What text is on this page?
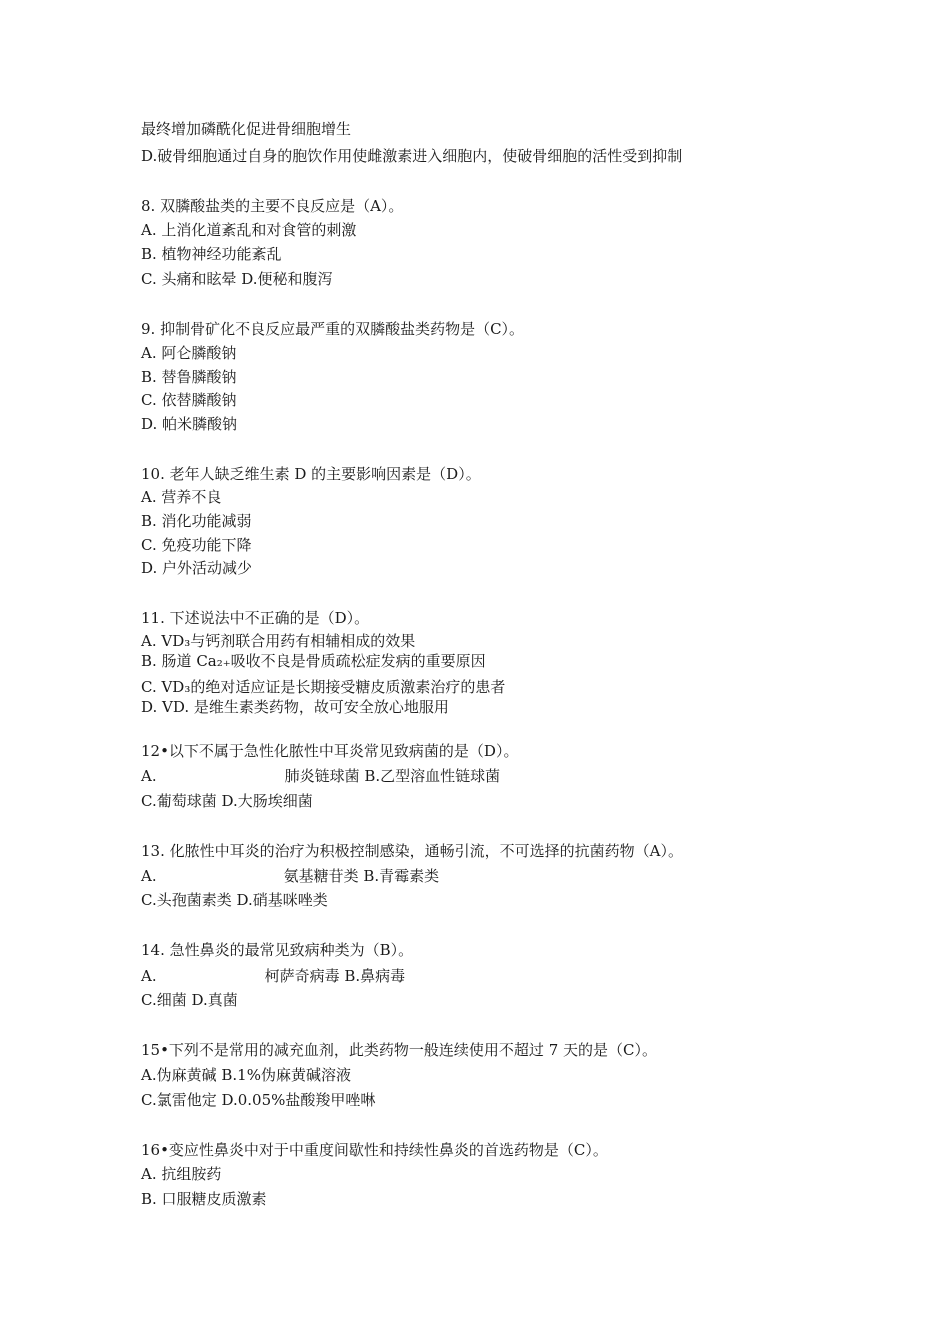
最终增加磷酰化促进骨细胞增生
D.破骨细胞通过自身的胞饮作用使雌激素进入细胞内，使破骨细胞的活性受到抑制
8. 双膦酸盐类的主要不良反应是（A）。
A. 上消化道紊乱和对食管的刺激
B. 植物神经功能紊乱
C. 头痛和眩晕 D.便秘和腹泻
9. 抑制骨矿化不良反应最严重的双膦酸盐类药物是（C）。
A. 阿仑膦酸钠
B. 替鲁膦酸钠
C. 依替膦酸钠
D. 帕米膦酸钠
10. 老年人缺乏维生素 D 的主要影响因素是（D）。
A. 营养不良
B. 消化功能减弱
C. 免疫功能下降
D. 户外活动减少
11. 下述说法中不正确的是（D）。
A. VD₃与钙剂联合用药有相辅相成的效果
B. 肠道 Ca₂₊吸收不良是骨质疏松症发病的重要原因
C. VD₃的绝对适应证是长期接受糖皮质激素治疗的患者
D. VD. 是维生素类药物，故可安全放心地服用
12•以下不属于急性化脓性中耳炎常见致病菌的是（D）。
A.	肺炎链球菌 B.乙型溶血性链球菌
C.葡萄球菌 D.大肠埃细菌
13. 化脓性中耳炎的治疗为积极控制感染，通畅引流，不可选择的抗菌药物（A）。
A.	氨基糖苷类 B.青霉素类
C.头孢菌素类 D.硝基咪唑类
14. 急性鼻炎的最常见致病种类为（B）。
A.	柯萨奇病毒 B.鼻病毒
C.细菌 D.真菌
15•下列不是常用的减充血剂，此类药物一般连续使用不超过 7 天的是（C）。
A.伪麻黄碱 B.1%伪麻黄碱溶液
C.氯雷他定 D.0.05%盐酸羧甲唑啉
16•变应性鼻炎中对于中重度间歇性和持续性鼻炎的首选药物是（C）。
A. 抗组胺药
B. 口服糖皮质激素
